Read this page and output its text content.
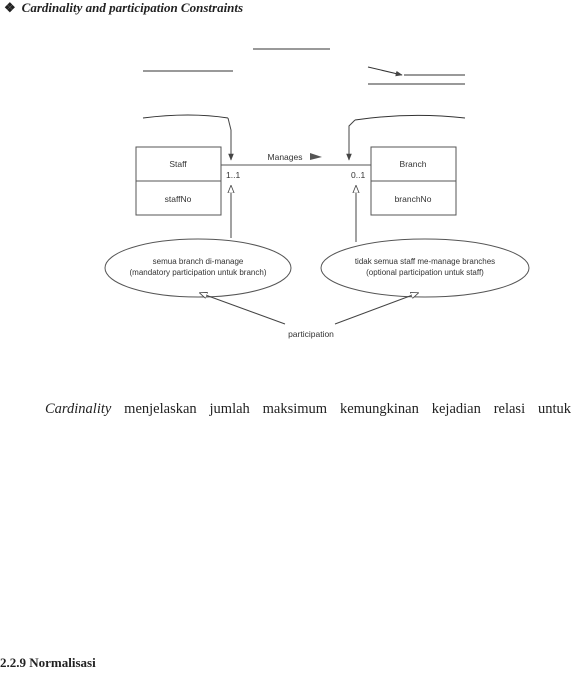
❖ Cardinality and participation Constraints
Staff
staffNo
Branch
branchNo
Manages
1..1	0..1
semua branch di-manage
(mandatory participation untuk branch)
tidak semua staff me-manage branches
(optional participation untuk staff)
participation

Cardinality menjelaskan jumlah maksimum kemungkinan kejadian relasi untuk

2.2.9 Normalisasi
